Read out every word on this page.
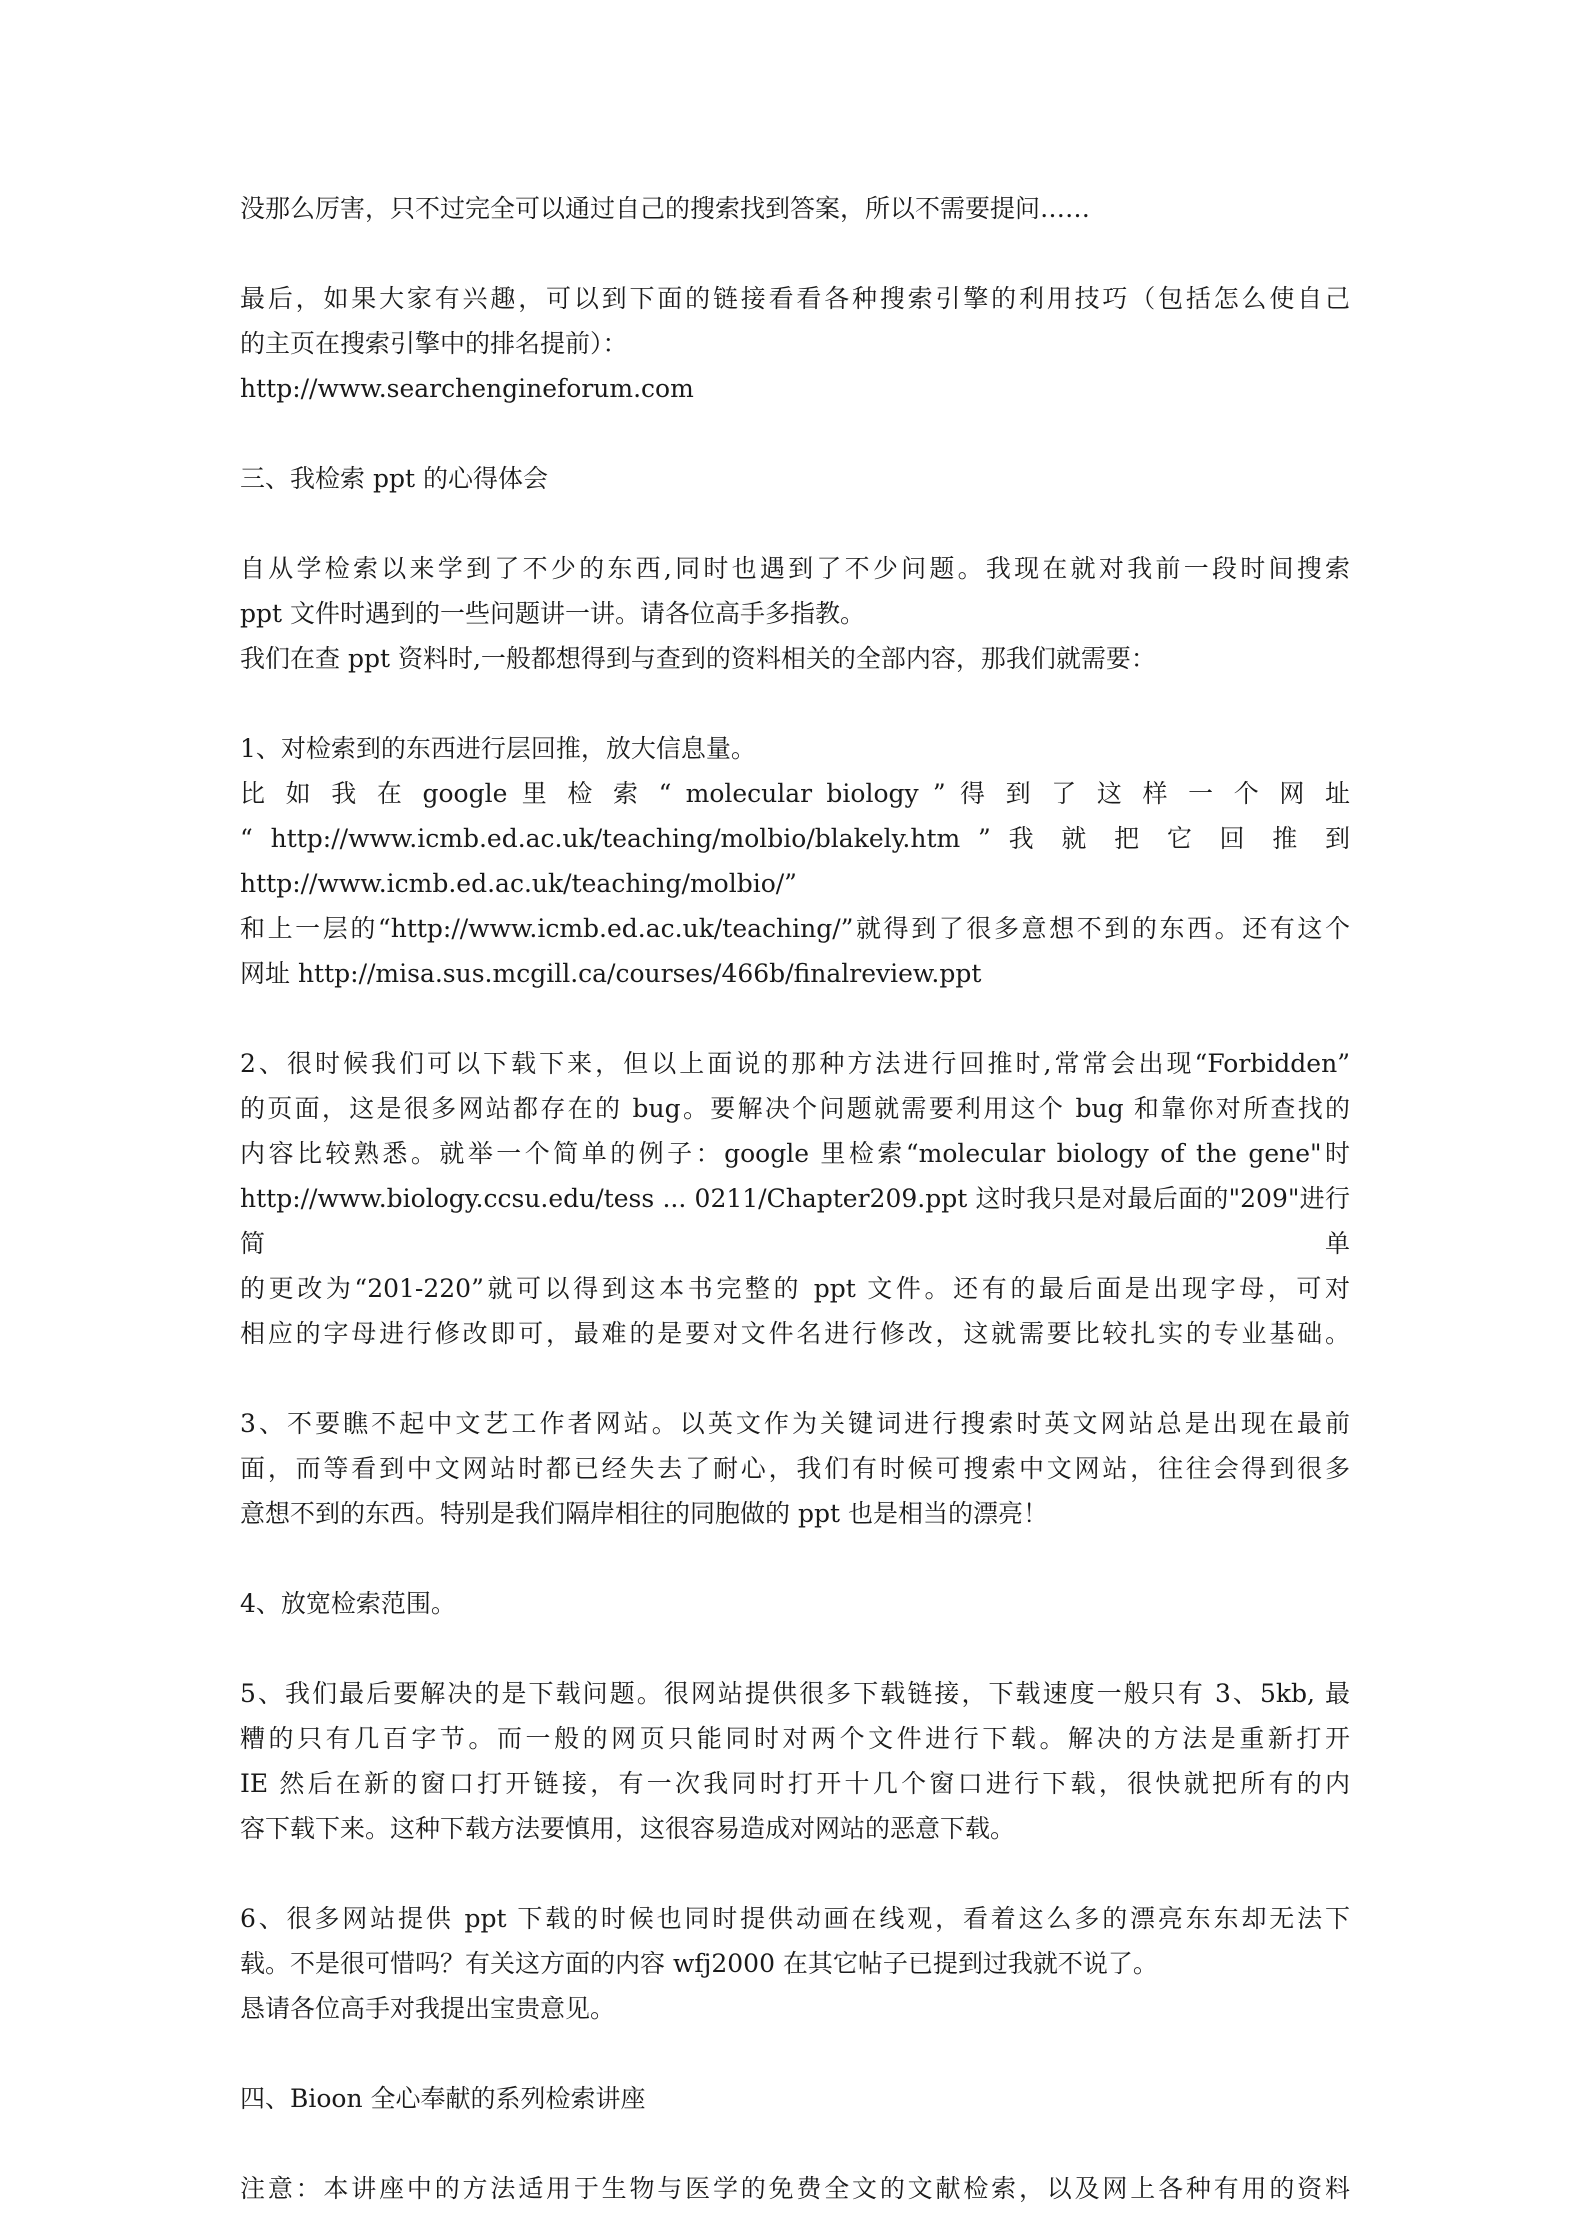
没那么厉害，只不过完全可以通过自己的搜索找到答案，所以不需要提问……

最后，如果大家有兴趣，可以到下面的链接看看各种搜索引擎的利用技巧（包括怎么使自己
的主页在搜索引擎中的排名提前）：
http://www.searchengineforum.com

三、我检索 ppt 的心得体会

自从学检索以来学到了不少的东西,同时也遇到了不少问题。我现在就对我前一段时间搜索
ppt 文件时遇到的一些问题讲一讲。请各位高手多指教。
我们在查 ppt 资料时,一般都想得到与查到的资料相关的全部内容，那我们就需要：

1、对检索到的东西进行层回推，放大信息量。
比 如 我 在 google 里 检 索 “ molecular biology ” 得 到 了 这 样 一 个 网 址
“ http://www.icmb.ed.ac.uk/teaching/molbio/blakely.htm ” 我 就 把 它 回 推 到
http://www.icmb.ed.ac.uk/teaching/molbio/”
和上一层的“http://www.icmb.ed.ac.uk/teaching/”就得到了很多意想不到的东西。还有这个
网址 http://misa.sus.mcgill.ca/courses/466b/finalreview.ppt

2、很时候我们可以下载下来，但以上面说的那种方法进行回推时,常常会出现“Forbidden”
的页面，这是很多网站都存在的 bug。要解决个问题就需要利用这个 bug 和靠你对所查找的
内容比较熟悉。就举一个简单的例子：google 里检索“molecular biology of the gene"时
http://www.biology.ccsu.edu/tess ... 0211/Chapter209.ppt 这时我只是对最后面的"209"进行简单
的更改为“201-220”就可以得到这本书完整的 ppt 文件。还有的最后面是出现字母，可对
相应的字母进行修改即可，最难的是要对文件名进行修改，这就需要比较扎实的专业基础。

3、不要瞧不起中文艺工作者网站。以英文作为关键词进行搜索时英文网站总是出现在最前
面，而等看到中文网站时都已经失去了耐心，我们有时候可搜索中文网站，往往会得到很多
意想不到的东西。特别是我们隔岸相往的同胞做的 ppt 也是相当的漂亮！

4、放宽检索范围。

5、我们最后要解决的是下载问题。很网站提供很多下载链接，下载速度一般只有 3、5kb, 最
糟的只有几百字节。而一般的网页只能同时对两个文件进行下载。解决的方法是重新打开
IE 然后在新的窗口打开链接，有一次我同时打开十几个窗口进行下载，很快就把所有的内
容下载下来。这种下载方法要慎用，这很容易造成对网站的恶意下载。

6、很多网站提供 ppt 下载的时候也同时提供动画在线观，看着这么多的漂亮东东却无法下
载。不是很可惜吗？有关这方面的内容 wfj2000 在其它帖子已提到过我就不说了。
恳请各位高手对我提出宝贵意见。

四、Bioon 全心奉献的系列检索讲座

注意：本讲座中的方法适用于生物与医学的免费全文的文献检索，以及网上各种有用的资料
